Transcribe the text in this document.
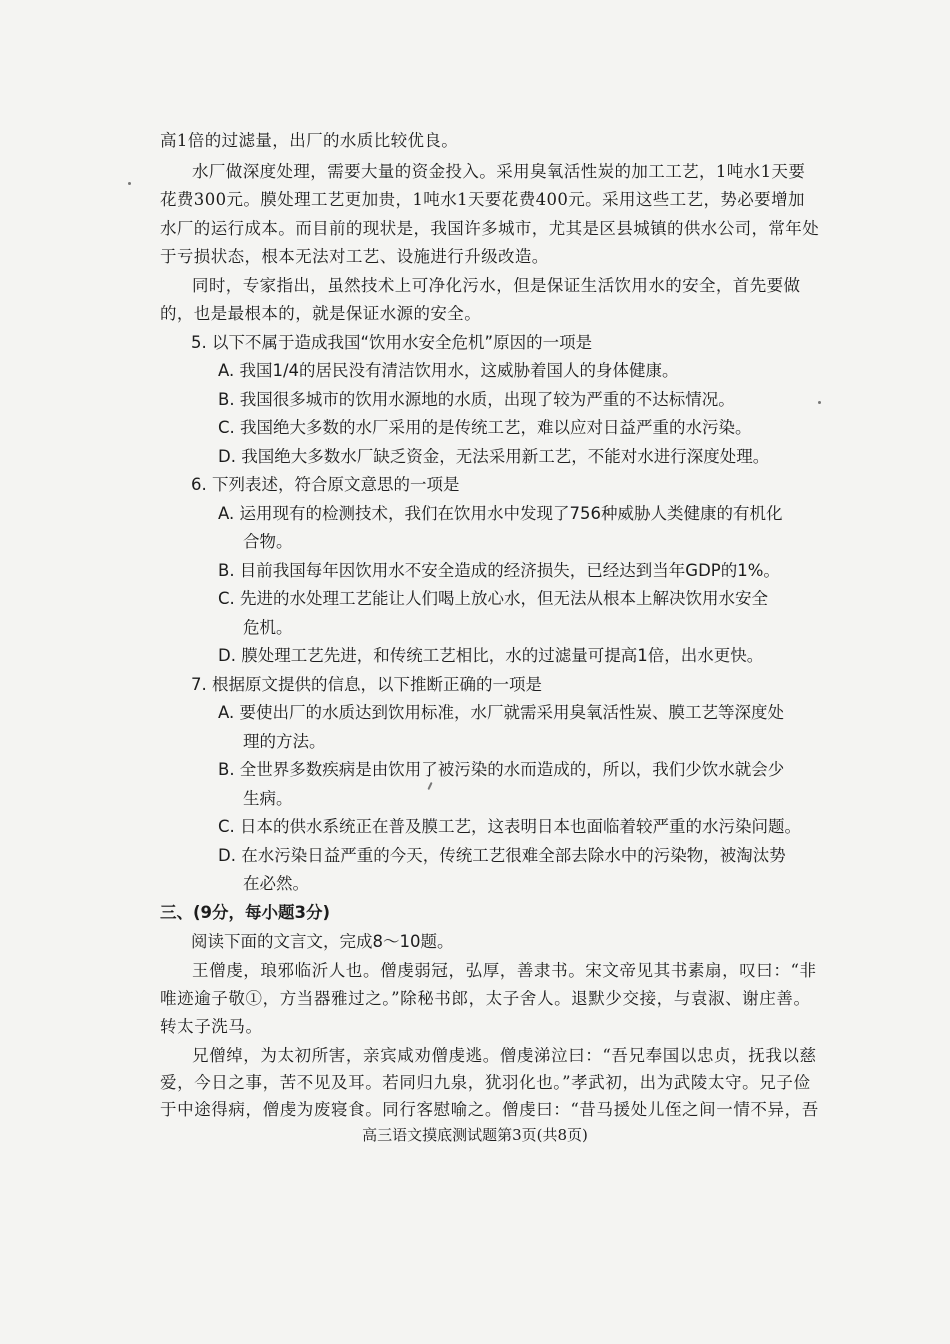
高1倍的过滤量，出厂的水质比较优良。
水厂做深度处理，需要大量的资金投入。采用臭氧活性炭的加工工艺，1吨水1天要
花费300元。膜处理工艺更加贵，1吨水1天要花费400元。采用这些工艺，势必要增加
水厂的运行成本。而目前的现状是，我国许多城市，尤其是区县城镇的供水公司，常年处
于亏损状态，根本无法对工艺、设施进行升级改造。
同时，专家指出，虽然技术上可净化污水，但是保证生活饮用水的安全，首先要做
的，也是最根本的，就是保证水源的安全。
5. 以下不属于造成我国“饮用水安全危机”原因的一项是
A. 我国1/4的居民没有清洁饮用水，这威胁着国人的身体健康。
B. 我国很多城市的饮用水源地的水质，出现了较为严重的不达标情况。
C. 我国绝大多数的水厂采用的是传统工艺，难以应对日益严重的水污染。
D. 我国绝大多数水厂缺乏资金，无法采用新工艺，不能对水进行深度处理。
6. 下列表述，符合原文意思的一项是
A. 运用现有的检测技术，我们在饮用水中发现了756种威胁人类健康的有机化
合物。
B. 目前我国每年因饮用水不安全造成的经济损失，已经达到当年GDP的1%。
C. 先进的水处理工艺能让人们喝上放心水，但无法从根本上解决饮用水安全
危机。
D. 膜处理工艺先进，和传统工艺相比，水的过滤量可提高1倍，出水更快。
7. 根据原文提供的信息，以下推断正确的一项是
A. 要使出厂的水质达到饮用标准，水厂就需采用臭氧活性炭、膜工艺等深度处
理的方法。
B. 全世界多数疾病是由饮用了被污染的水而造成的，所以，我们少饮水就会少
生病。
C. 日本的供水系统正在普及膜工艺，这表明日本也面临着较严重的水污染问题。
D. 在水污染日益严重的今天，传统工艺很难全部去除水中的污染物，被淘汰势
在必然。
三、(9分，每小题3分)
阅读下面的文言文，完成8～10题。
王僧虔，琅邪临沂人也。僧虔弱冠，弘厚，善隶书。宋文帝见其书素扇，叹曰：“非
唯迹逾子敬①，方当器雅过之。”除秘书郎，太子舍人。退默少交接，与袁淑、谢庄善。
转太子洗马。
兄僧绰，为太初所害，亲宾咸劝僧虔逃。僧虔涕泣曰：“吾兄奉国以忠贞，抚我以慈
爱，今日之事，苦不见及耳。若同归九泉，犹羽化也。”孝武初，出为武陵太守。兄子俭
高三语文摸底测试题第3页(共8页)
于中途得病，僧虔为废寝食。同行客慰喻之。僧虔曰：“昔马援处儿侄之间一情不异，吾
